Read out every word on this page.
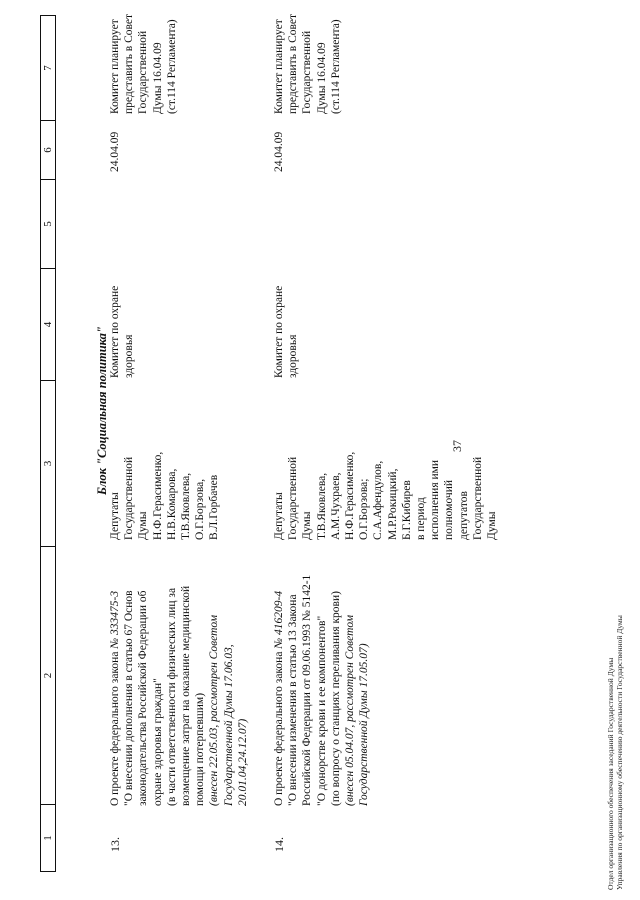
37
1
2
3
4
5
6
7
Блок "Социальная политика"
13.
О проекте федерального закона № 333475-3 "О внесении дополнения в статью 67 Основ законодательства Российской Федерации об охране здоровья граждан" (в части ответственности физических лиц за возмещение затрат на оказание медицинской помощи потерпевшим) (внесен 22.05.03, рассмотрен Советом Государственной Думы 17.06.03, 20.01.04,24.12.07)
Депутаты Государственной Думы Н.Ф.Герасименко, Н.В.Комарова, Т.В.Яковлева, О.Г.Борзова, В.Л.Горбачев
Комитет по охране здоровья
24.04.09
Комитет планирует представить в Совет Государственной Думы 16.04.09 (ст.114 Регламента)
14.
О проекте федерального закона № 416209-4 "О внесении изменения в статью 13 Закона Российской Федерации от 09.06.1993 № 5142-1 "О донорстве крови и ее компонентов" (по вопросу о станциях переливания крови) (внесен 05.04.07, рассмотрен Советом Государственной Думы 17.05.07)
Депутаты Государственной Думы Т.В.Яковлева, А.М.Чухраев, Н.Ф.Герасименко, О.Г.Борзова; С.А.Афендулов, М.Р.Рокицкий, Б.Г.Кибирев в период исполнения ими полномочий депутатов Государственной Думы
Комитет по охране здоровья
24.04.09
Комитет планирует представить в Совет Государственной Думы 16.04.09 (ст.114 Регламента)
Отдел организационного обеспечения заседаний Государственной Думы Управления по организационному обеспечению деятельности Государственной Думы
